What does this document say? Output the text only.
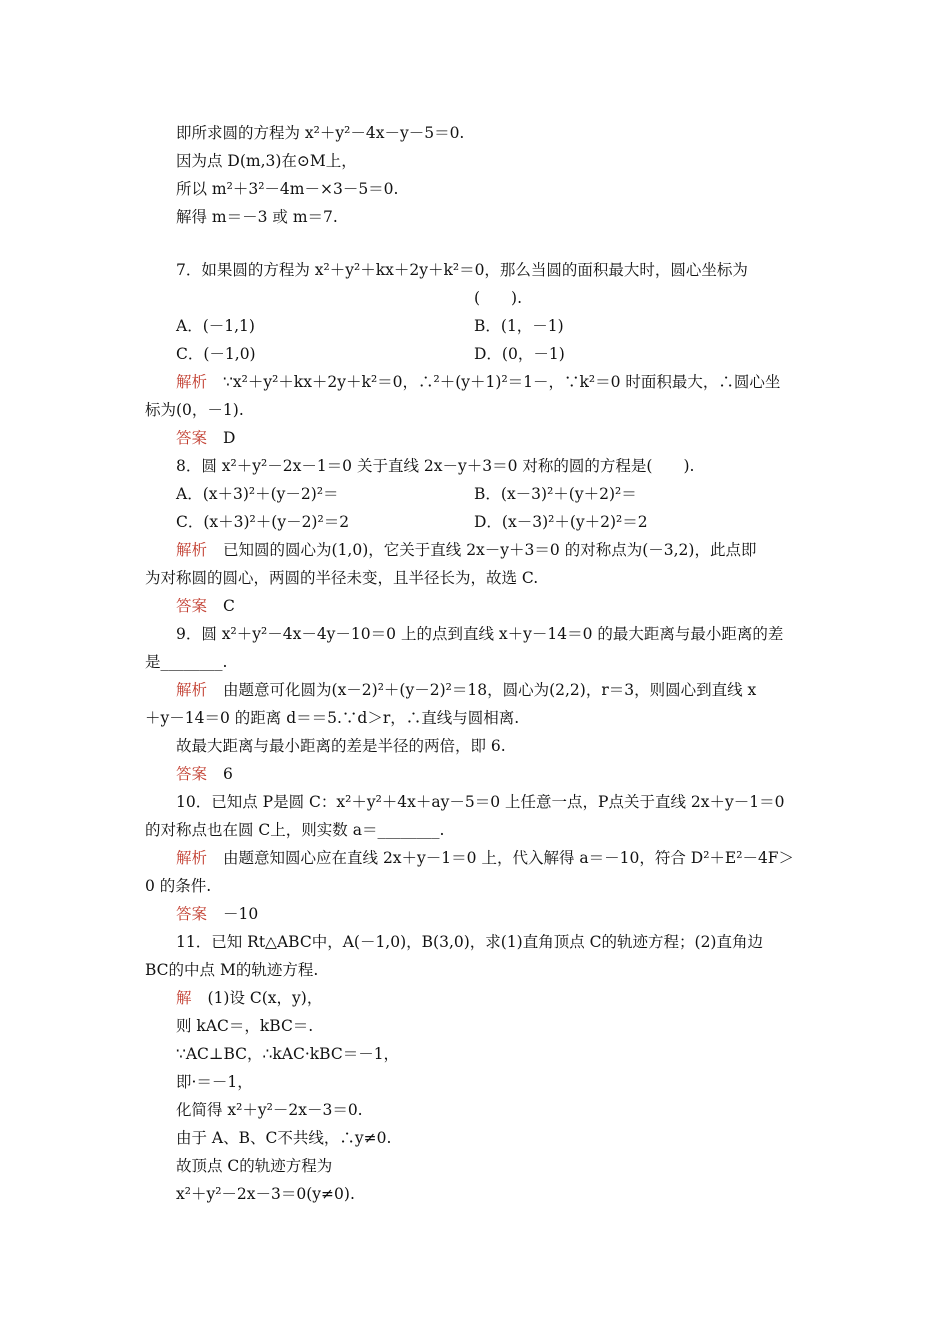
即所求圆的方程为 x²＋y²－4x－y－5＝0.
因为点 D(m,3)在⊙M上，
所以 m²＋3²－4m－×3－5＝0.
解得 m＝－3 或 m＝7.
7．如果圆的方程为 x²＋y²＋kx＋2y＋k²＝0，那么当圆的面积最大时，圆心坐标为
(　　).
A．(－1,1)	B．(1，－1)
C．(－1,0)	D．(0，－1)
解析 ∵x²＋y²＋kx＋2y＋k²＝0，∴²＋(y＋1)²＝1－，∵k²＝0 时面积最大，∴圆心坐
标为(0，－1).
答案 D
8．圆 x²＋y²－2x－1＝0 关于直线 2x－y＋3＝0 对称的圆的方程是(　　).
A．(x＋3)²＋(y－2)²＝	B．(x－3)²＋(y＋2)²＝
C．(x＋3)²＋(y－2)²＝2	D．(x－3)²＋(y＋2)²＝2
解析 已知圆的圆心为(1,0)，它关于直线 2x－y＋3＝0 的对称点为(－3,2)，此点即
为对称圆的圆心，两圆的半径未变，且半径长为，故选 C.
答案 C
9．圆 x²＋y²－4x－4y－10＝0 上的点到直线 x＋y－14＝0 的最大距离与最小距离的差
是________.
解析 由题意可化圆为(x－2)²＋(y－2)²＝18，圆心为(2,2)，r＝3，则圆心到直线 x
＋y－14＝0 的距离 d＝＝5.∵d＞r，∴直线与圆相离.
故最大距离与最小距离的差是半径的两倍，即 6.
答案 6
10．已知点 P是圆 C：x²＋y²＋4x＋ay－5＝0 上任意一点，P点关于直线 2x＋y－1＝0
的对称点也在圆 C上，则实数 a＝________.
解析 由题意知圆心应在直线 2x＋y－1＝0 上，代入解得 a＝－10，符合 D²＋E²－4F＞
0 的条件.
答案 －10
11．已知 Rt△ABC中，A(－1,0)，B(3,0)，求(1)直角顶点 C的轨迹方程；(2)直角边
BC的中点 M的轨迹方程.
解 (1)设 C(x，y)，
则 kAC＝，kBC＝.
∵AC⊥BC，∴kAC·kBC＝－1，
即·＝－1，
化简得 x²＋y²－2x－3＝0.
由于 A、B、C不共线，∴y≠0.
故顶点 C的轨迹方程为
x²＋y²－2x－3＝0(y≠0).
